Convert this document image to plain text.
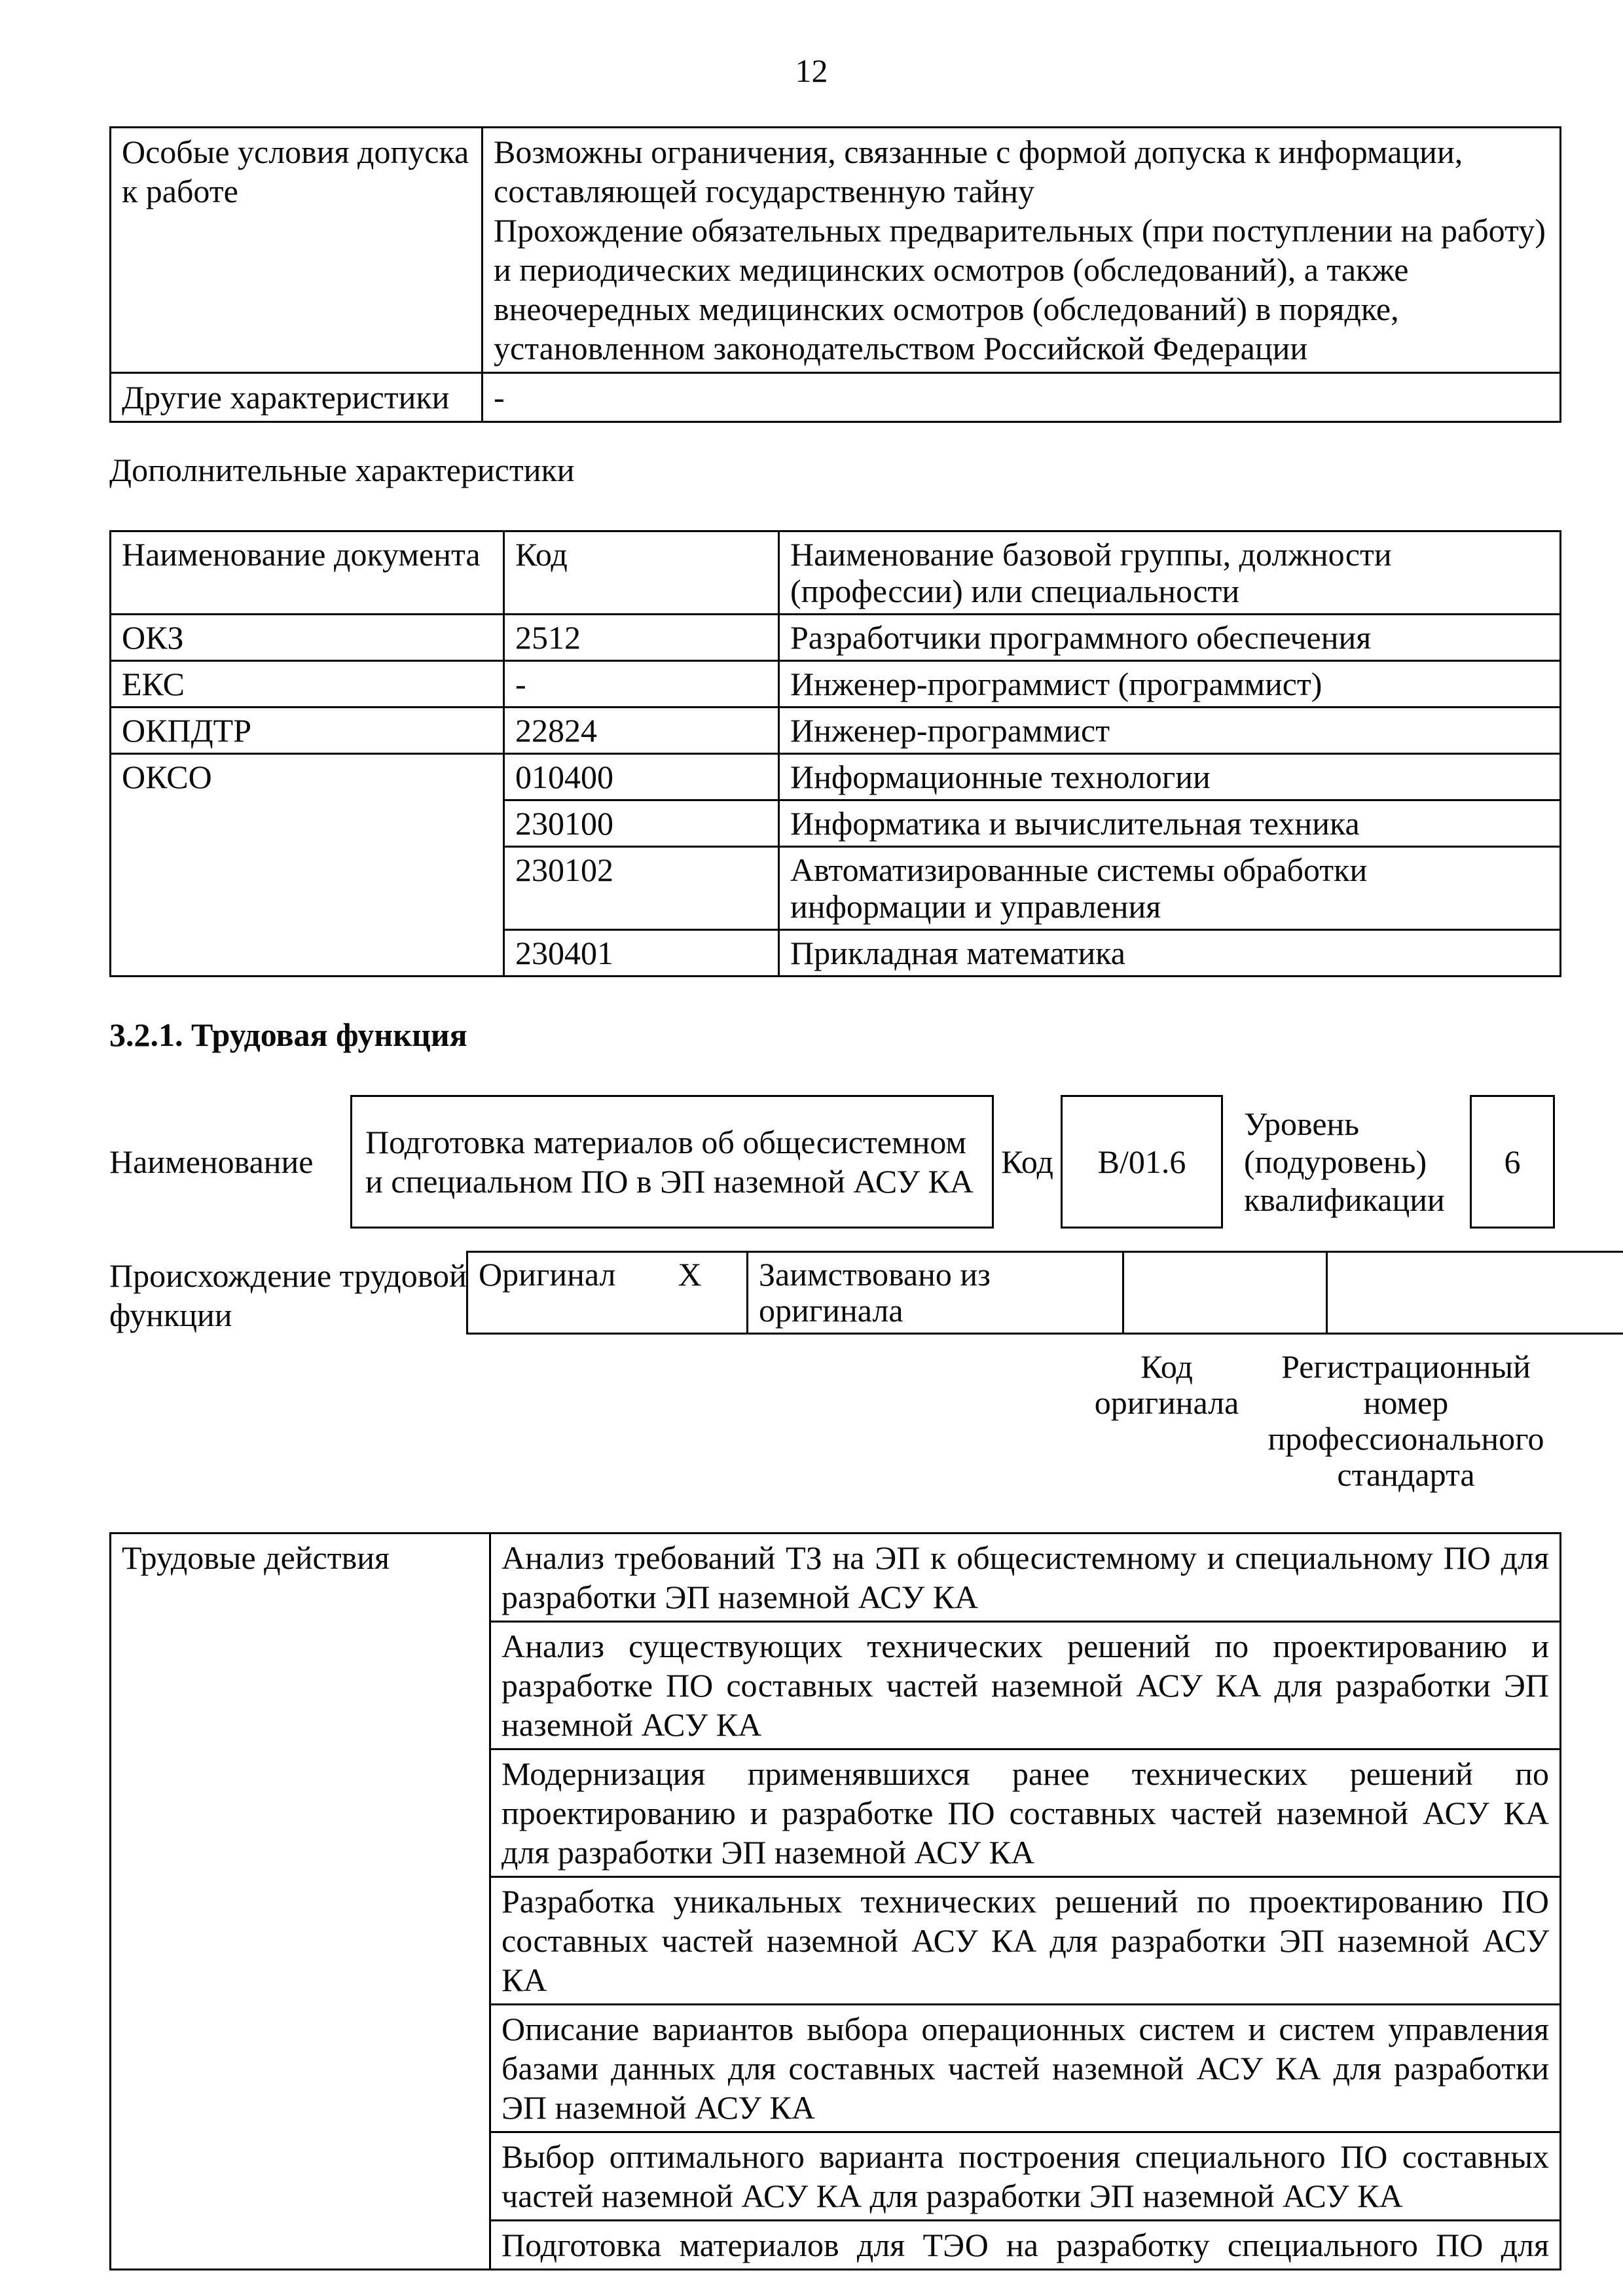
12
Особые условия допуска к работе	Возможны ограничения, связанные с формой допуска к информации, составляющей государственную тайну

Прохождение обязательных предварительных (при поступлении на работу) и периодических медицинских осмотров (обследований), а также внеочередных медицинских осмотров (обследований) в порядке, установленном законодательством Российской Федерации

Другие характеристики	-
Дополнительные характеристики
Наименование документа	Код	Наименование базовой группы, должности (профессии) или специальности
ОКЗ	2512	Разработчики программного обеспечения
ЕКС	-	Инженер-программист (программист)
ОКПДТР	22824	Инженер-программист
ОКСО	010400	Информационные технологии
	230100	Информатика и вычислительная техника
	230102	Автоматизированные системы обработки информации и управления
	230401	Прикладная математика
3.2.1. Трудовая функция
Наименование
Подготовка материалов об общесистемном и специальном ПО в ЭП наземной АСУ КА
Код В/01.6
Уровень (подуровень) квалификации
6
Происхождение трудовой функции
Оригинал X	Заимствовано из оригинала		
Код оригинала
Регистрационный номер профессионального стандарта
Трудовые действия	Анализ требований ТЗ на ЭП к общесистемному и специальному ПО для разработки ЭП наземной АСУ КА
Анализ существующих технических решений по проектированию и разработке ПО составных частей наземной АСУ КА для разработки ЭП наземной АСУ КА
Модернизация применявшихся ранее технических решений по проектированию и разработке ПО составных частей наземной АСУ КА для разработки ЭП наземной АСУ КА
Разработка уникальных технических решений по проектированию ПО составных частей наземной АСУ КА для разработки ЭП наземной АСУ КА
Описание вариантов выбора операционных систем и систем управления базами данных для составных частей наземной АСУ КА для разработки ЭП наземной АСУ КА
Выбор оптимального варианта построения специального ПО составных частей наземной АСУ КА для разработки ЭП наземной АСУ КА
Подготовка материалов для ТЭО на разработку специального ПО для
